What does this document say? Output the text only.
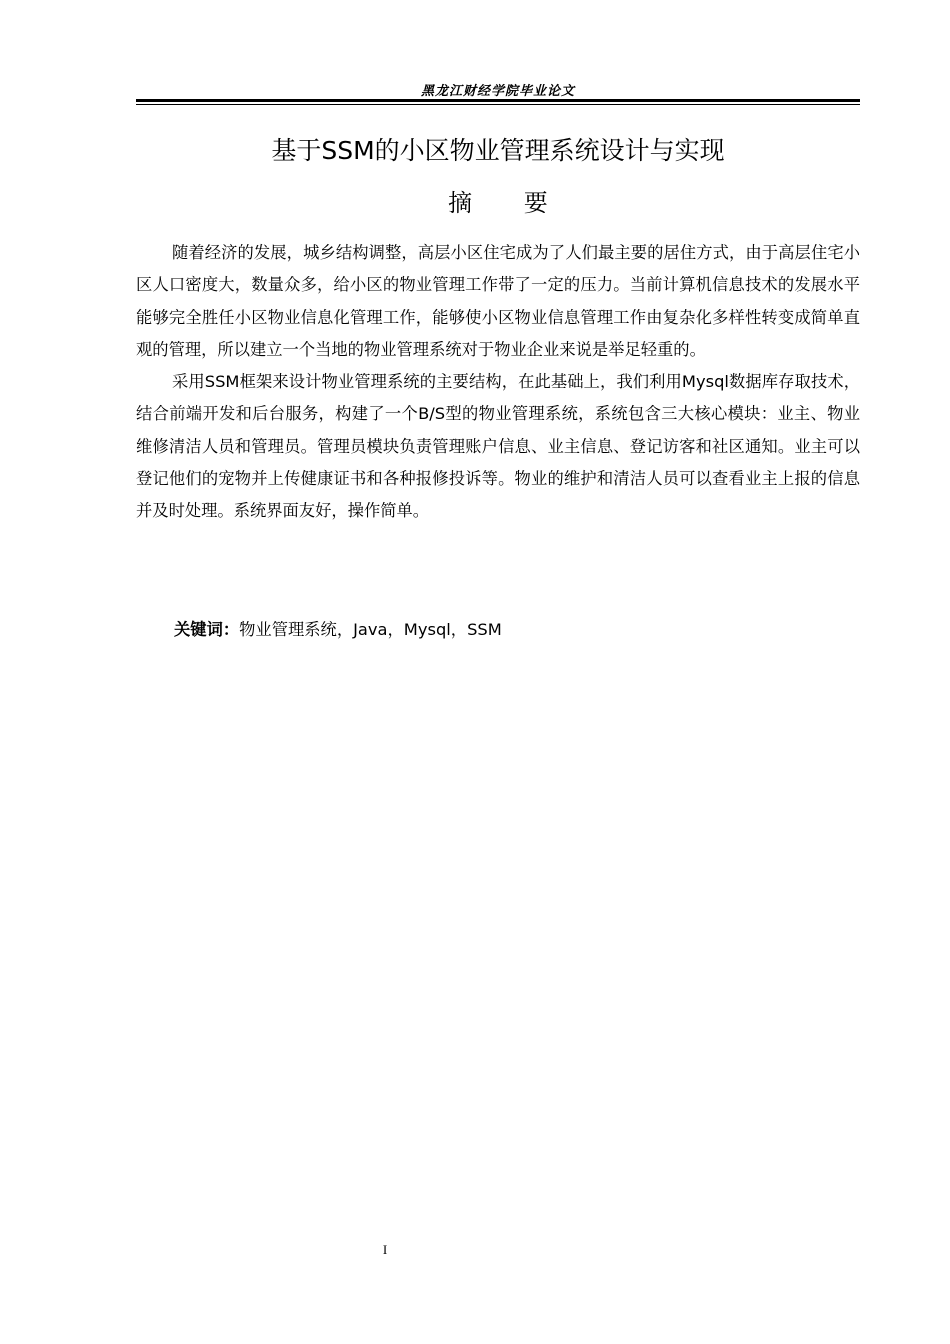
黑龙江财经学院毕业论文
基于SSM的小区物业管理系统设计与实现
摘 要

随着经济的发展，城乡结构调整，高层小区住宅成为了人们最主要的居住方式，由于高层住宅小区人口密度大，数量众多，给小区的物业管理工作带了一定的压力。当前计算机信息技术的发展水平能够完全胜任小区物业信息化管理工作，能够使小区物业信息管理工作由复杂化多样性转变成简单直观的管理，所以建立一个当地的物业管理系统对于物业企业来说是举足轻重的。

采用SSM框架来设计物业管理系统的主要结构，在此基础上，我们利用Mysql数据库存取技术，结合前端开发和后台服务，构建了一个B/S型的物业管理系统，系统包含三大核心模块：业主、物业维修清洁人员和管理员。管理员模块负责管理账户信息、业主信息、登记访客和社区通知。业主可以登记他们的宠物并上传健康证书和各种报修投诉等。物业的维护和清洁人员可以查看业主上报的信息并及时处理。系统界面友好，操作简单。

关键词：物业管理系统，Java，Mysql，SSM
I
